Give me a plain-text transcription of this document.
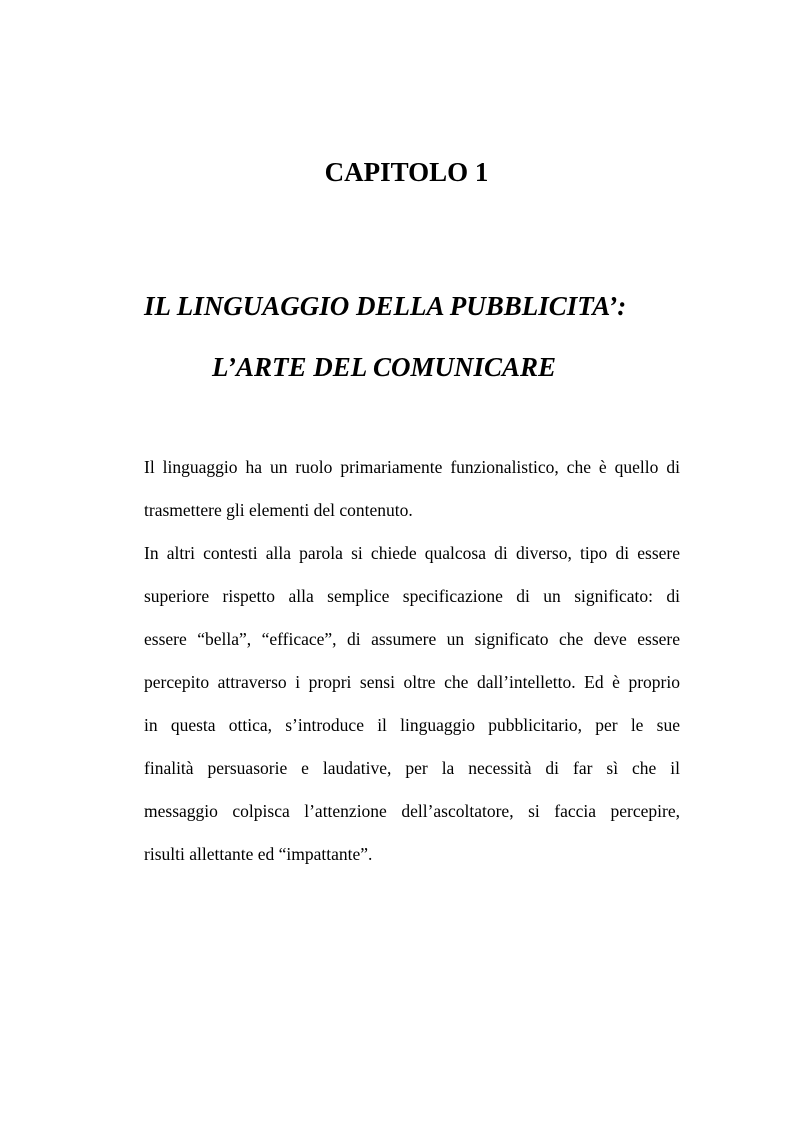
CAPITOLO 1
IL LINGUAGGIO DELLA PUBBLICITA’:
L’ARTE DEL COMUNICARE
Il linguaggio ha un ruolo primariamente funzionalistico, che è quello di
trasmettere gli elementi del contenuto.
In altri contesti alla parola si chiede qualcosa di diverso, tipo di essere
superiore rispetto alla semplice specificazione di un significato: di
essere “bella”, “efficace”, di assumere un significato che deve essere
percepito attraverso i propri sensi oltre che dall’intelletto. Ed è proprio
in questa ottica, s’introduce il linguaggio pubblicitario, per le sue
finalità persuasorie e laudative, per la necessità di far sì che il
messaggio colpisca l’attenzione dell’ascoltatore, si faccia percepire,
risulti allettante ed “impattante”.
